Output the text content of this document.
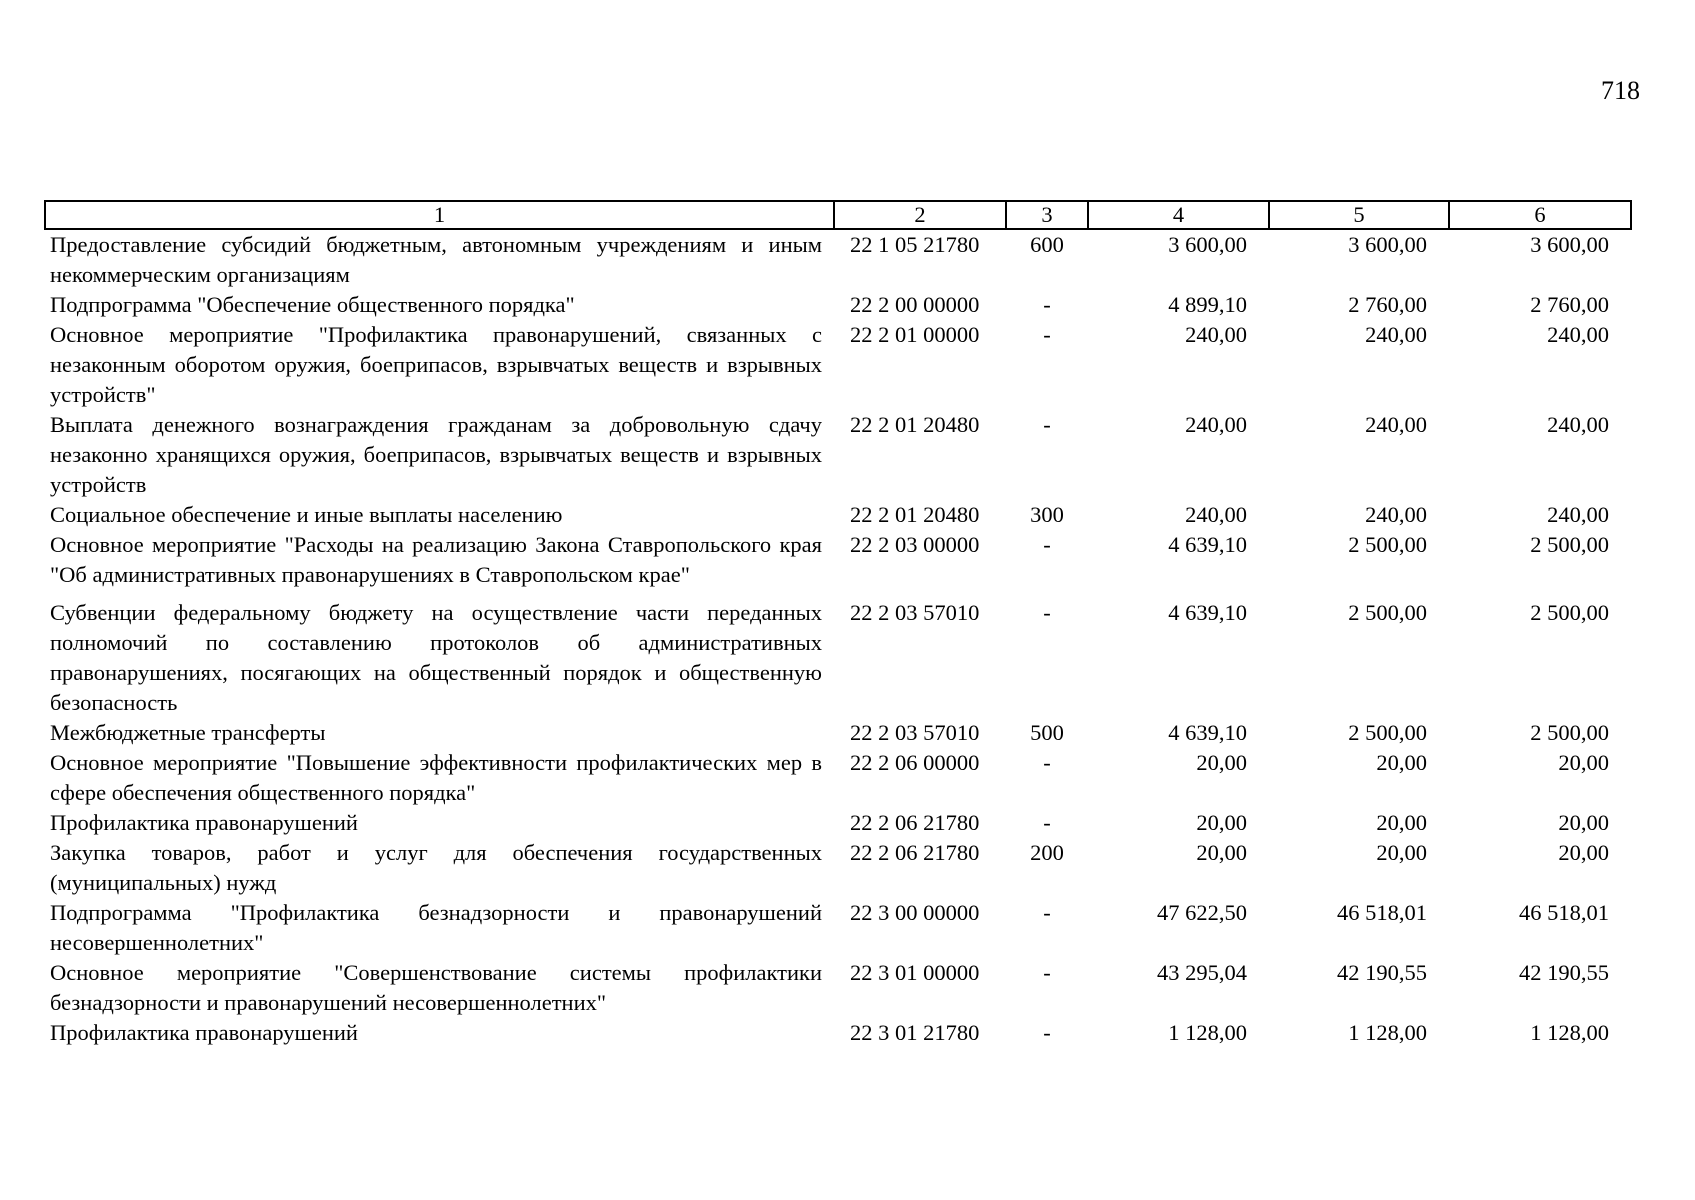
718
1	2	3	4	5	6
Предоставление субсидий бюджетным, автономным учреждениям и иным некоммерческим организациям	22 1 05 21780	600	3 600,00	3 600,00	3 600,00
Подпрограмма "Обеспечение общественного порядка"	22 2 00 00000	-	4 899,10	2 760,00	2 760,00
Основное мероприятие "Профилактика правонарушений, связанных с незаконным оборотом оружия, боеприпасов, взрывчатых веществ и взрывных устройств"	22 2 01 00000	-	240,00	240,00	240,00
Выплата денежного вознаграждения гражданам за добровольную сдачу незаконно хранящихся оружия, боеприпасов, взрывчатых веществ и взрывных устройств	22 2 01 20480	-	240,00	240,00	240,00
Социальное обеспечение и иные выплаты населению	22 2 01 20480	300	240,00	240,00	240,00
Основное мероприятие "Расходы на реализацию Закона Ставропольского края "Об административных правонарушениях в Ставропольском крае"	22 2 03 00000	-	4 639,10	2 500,00	2 500,00
Субвенции федеральному бюджету на осуществление части переданных полномочий по составлению протоколов об административных правонарушениях, посягающих на общественный порядок и общественную безопасность	22 2 03 57010	-	4 639,10	2 500,00	2 500,00
Межбюджетные трансферты	22 2 03 57010	500	4 639,10	2 500,00	2 500,00
Основное мероприятие "Повышение эффективности профилактических мер в сфере обеспечения общественного порядка"	22 2 06 00000	-	20,00	20,00	20,00
Профилактика правонарушений	22 2 06 21780	-	20,00	20,00	20,00
Закупка товаров, работ и услуг для обеспечения государственных (муниципальных) нужд	22 2 06 21780	200	20,00	20,00	20,00
Подпрограмма "Профилактика безнадзорности и правонарушений несовершеннолетних"	22 3 00 00000	-	47 622,50	46 518,01	46 518,01
Основное мероприятие "Совершенствование системы профилактики безнадзорности и правонарушений несовершеннолетних"	22 3 01 00000	-	43 295,04	42 190,55	42 190,55
Профилактика правонарушений	22 3 01 21780	-	1 128,00	1 128,00	1 128,00
